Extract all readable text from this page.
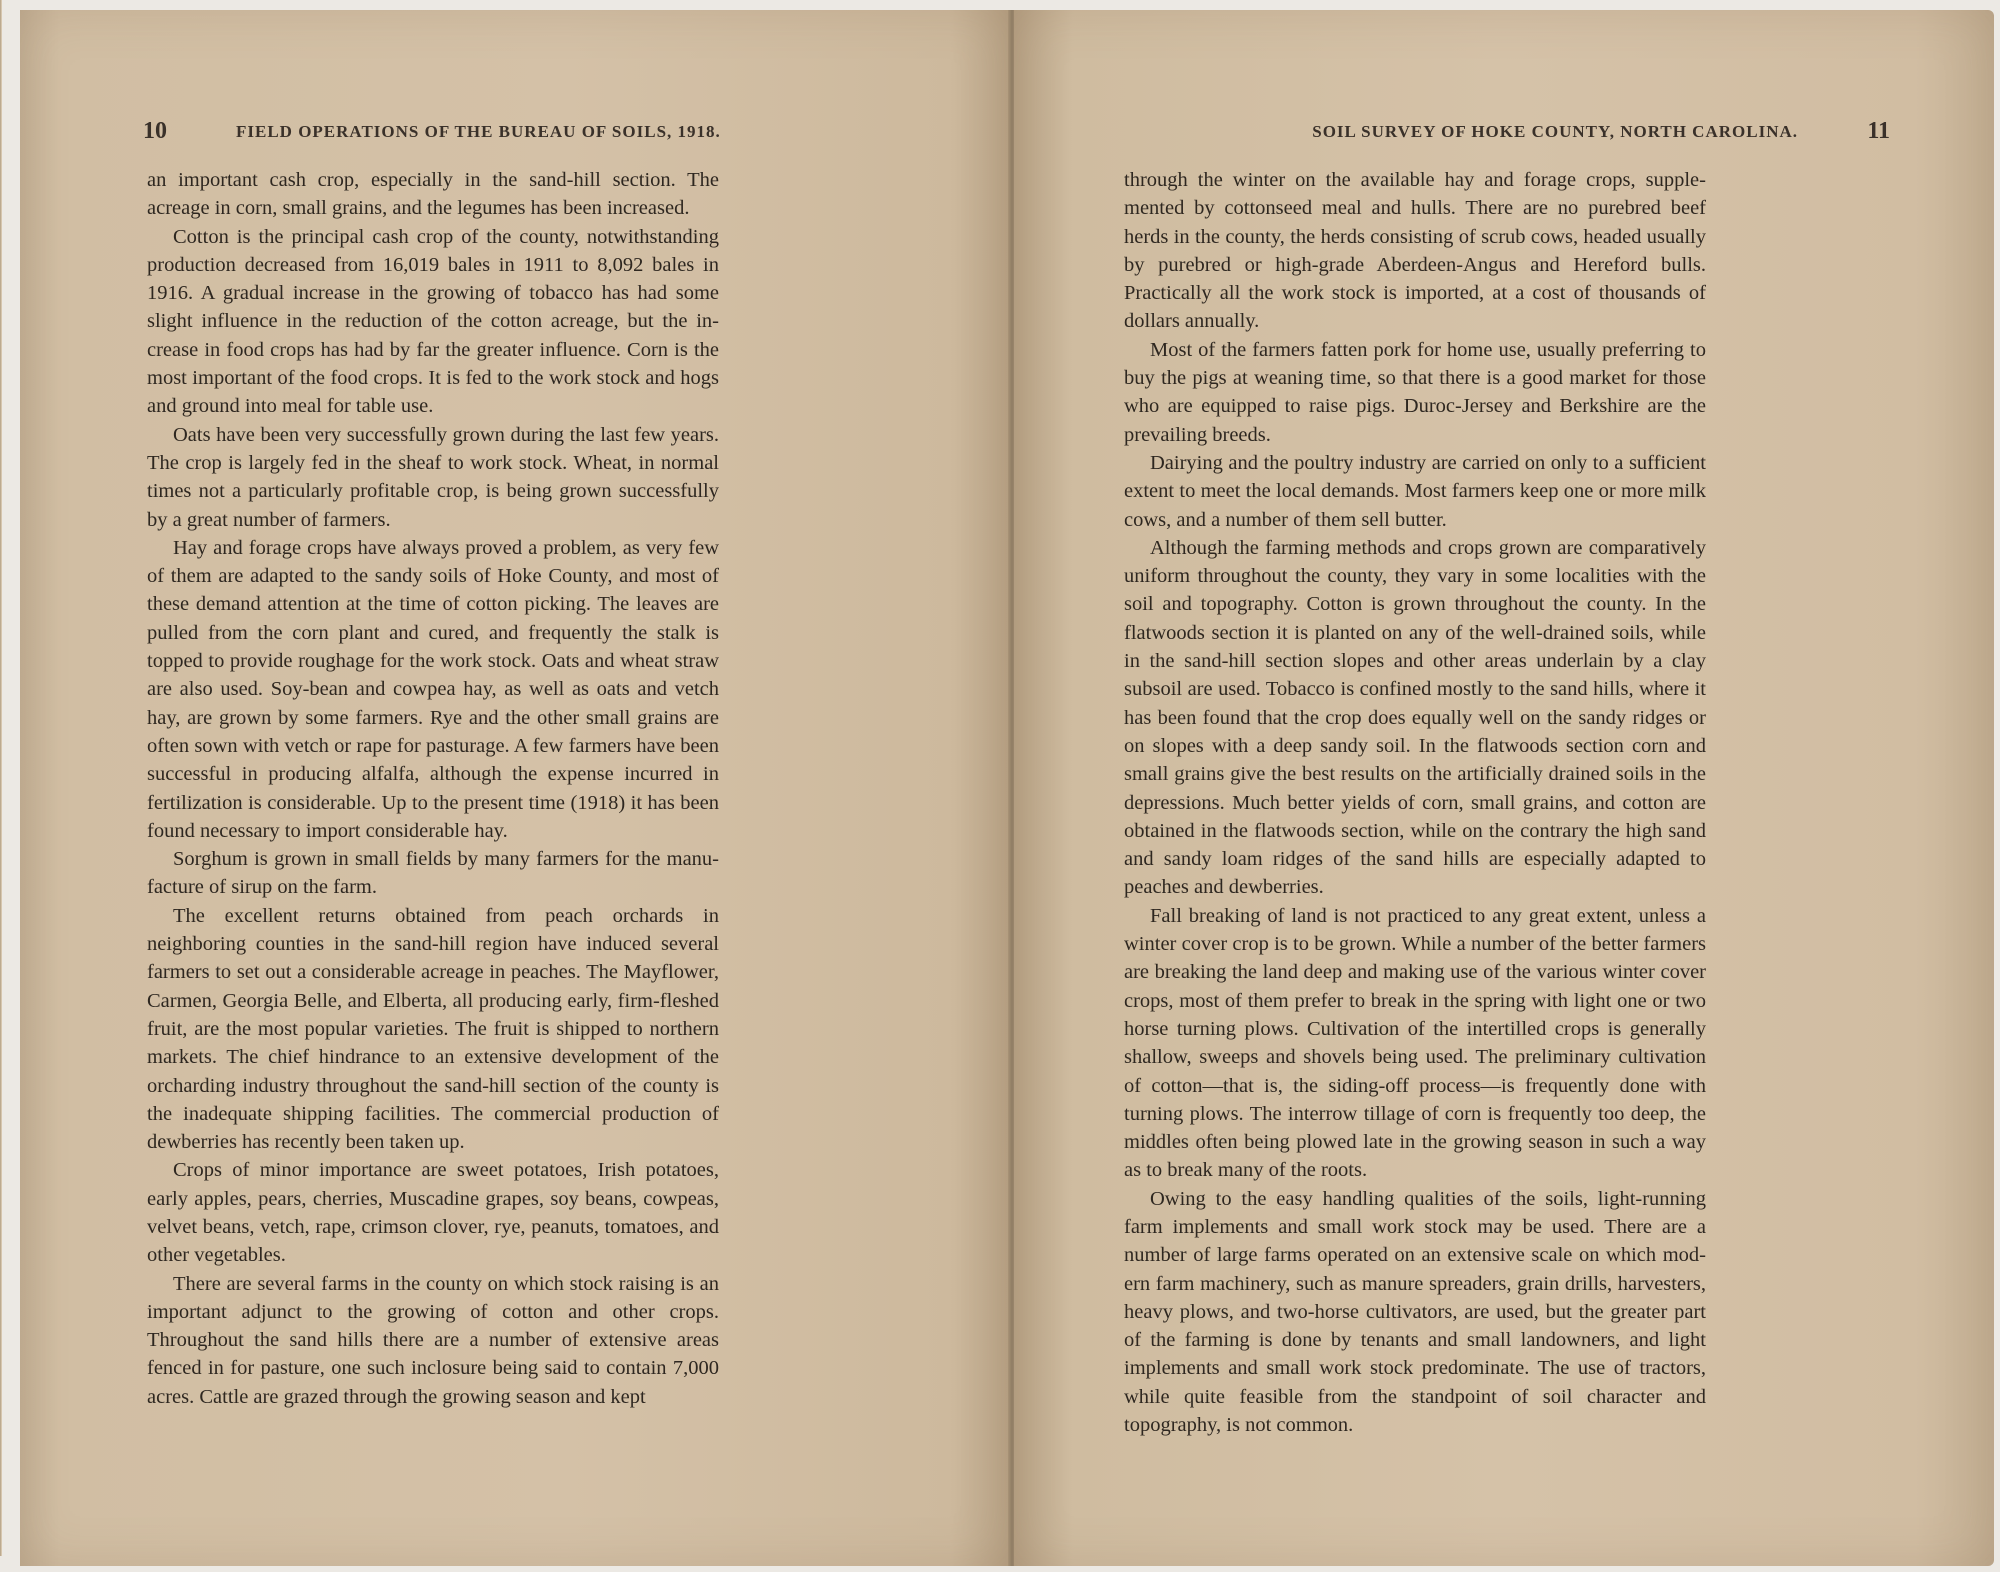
10	FIELD OPERATIONS OF THE BUREAU OF SOILS, 1918.

an important cash crop, especially in the sand-hill section. The acreage in corn, small grains, and the legumes has been increased.

Cotton is the principal cash crop of the county, notwithstanding production decreased from 16,019 bales in 1911 to 8,092 bales in 1916. A gradual increase in the growing of tobacco has had some slight influence in the reduction of the cotton acreage, but the increase in food crops has had by far the greater influence. Corn is the most important of the food crops. It is fed to the work stock and hogs and ground into meal for table use.

Oats have been very successfully grown during the last few years. The crop is largely fed in the sheaf to work stock. Wheat, in normal times not a particularly profitable crop, is being grown successfully by a great number of farmers.

Hay and forage crops have always proved a problem, as very few of them are adapted to the sandy soils of Hoke County, and most of these demand attention at the time of cotton picking. The leaves are pulled from the corn plant and cured, and frequently the stalk is topped to provide roughage for the work stock. Oats and wheat straw are also used. Soy-bean and cowpea hay, as well as oats and vetch hay, are grown by some farmers. Rye and the other small grains are often sown with vetch or rape for pasturage. A few farmers have been successful in producing alfalfa, although the expense incurred in fertilization is considerable. Up to the present time (1918) it has been found necessary to import considerable hay.

Sorghum is grown in small fields by many farmers for the manufacture of sirup on the farm.

The excellent returns obtained from peach orchards in neighboring counties in the sand-hill region have induced several farmers to set out a considerable acreage in peaches. The Mayflower, Carmen, Georgia Belle, and Elberta, all producing early, firm-fleshed fruit, are the most popular varieties. The fruit is shipped to northern markets. The chief hindrance to an extensive development of the orcharding industry throughout the sand-hill section of the county is the inadequate shipping facilities. The commercial production of dewberries has recently been taken up.

Crops of minor importance are sweet potatoes, Irish potatoes, early apples, pears, cherries, Muscadine grapes, soy beans, cowpeas, velvet beans, vetch, rape, crimson clover, rye, peanuts, tomatoes, and other vegetables.

There are several farms in the county on which stock raising is an important adjunct to the growing of cotton and other crops. Throughout the sand hills there are a number of extensive areas fenced in for pasture, one such inclosure being said to contain 7,000 acres. Cattle are grazed through the growing season and kept

SOIL SURVEY OF HOKE COUNTY, NORTH CAROLINA.	11

through the winter on the available hay and forage crops, supplemented by cottonseed meal and hulls. There are no purebred beef herds in the county, the herds consisting of scrub cows, headed usually by purebred or high-grade Aberdeen-Angus and Hereford bulls. Practically all the work stock is imported, at a cost of thousands of dollars annually.

Most of the farmers fatten pork for home use, usually preferring to buy the pigs at weaning time, so that there is a good market for those who are equipped to raise pigs. Duroc-Jersey and Berkshire are the prevailing breeds.

Dairying and the poultry industry are carried on only to a sufficient extent to meet the local demands. Most farmers keep one or more milk cows, and a number of them sell butter.

Although the farming methods and crops grown are comparatively uniform throughout the county, they vary in some localities with the soil and topography. Cotton is grown throughout the county. In the flatwoods section it is planted on any of the well-drained soils, while in the sand-hill section slopes and other areas underlain by a clay subsoil are used. Tobacco is confined mostly to the sand hills, where it has been found that the crop does equally well on the sandy ridges or on slopes with a deep sandy soil. In the flatwoods section corn and small grains give the best results on the artificially drained soils in the depressions. Much better yields of corn, small grains, and cotton are obtained in the flatwoods section, while on the contrary the high sand and sandy loam ridges of the sand hills are especially adapted to peaches and dewberries.

Fall breaking of land is not practiced to any great extent, unless a winter cover crop is to be grown. While a number of the better farmers are breaking the land deep and making use of the various winter cover crops, most of them prefer to break in the spring with light one or two horse turning plows. Cultivation of the intertilled crops is generally shallow, sweeps and shovels being used. The preliminary cultivation of cotton—that is, the siding-off process—is frequently done with turning plows. The interrow tillage of corn is frequently too deep, the middles often being plowed late in the growing season in such a way as to break many of the roots.

Owing to the easy handling qualities of the soils, light-running farm implements and small work stock may be used. There are a number of large farms operated on an extensive scale on which modern farm machinery, such as manure spreaders, grain drills, harvesters, heavy plows, and two-horse cultivators, are used, but the greater part of the farming is done by tenants and small landowners, and light implements and small work stock predominate. The use of tractors, while quite feasible from the standpoint of soil character and topography, is not common.
